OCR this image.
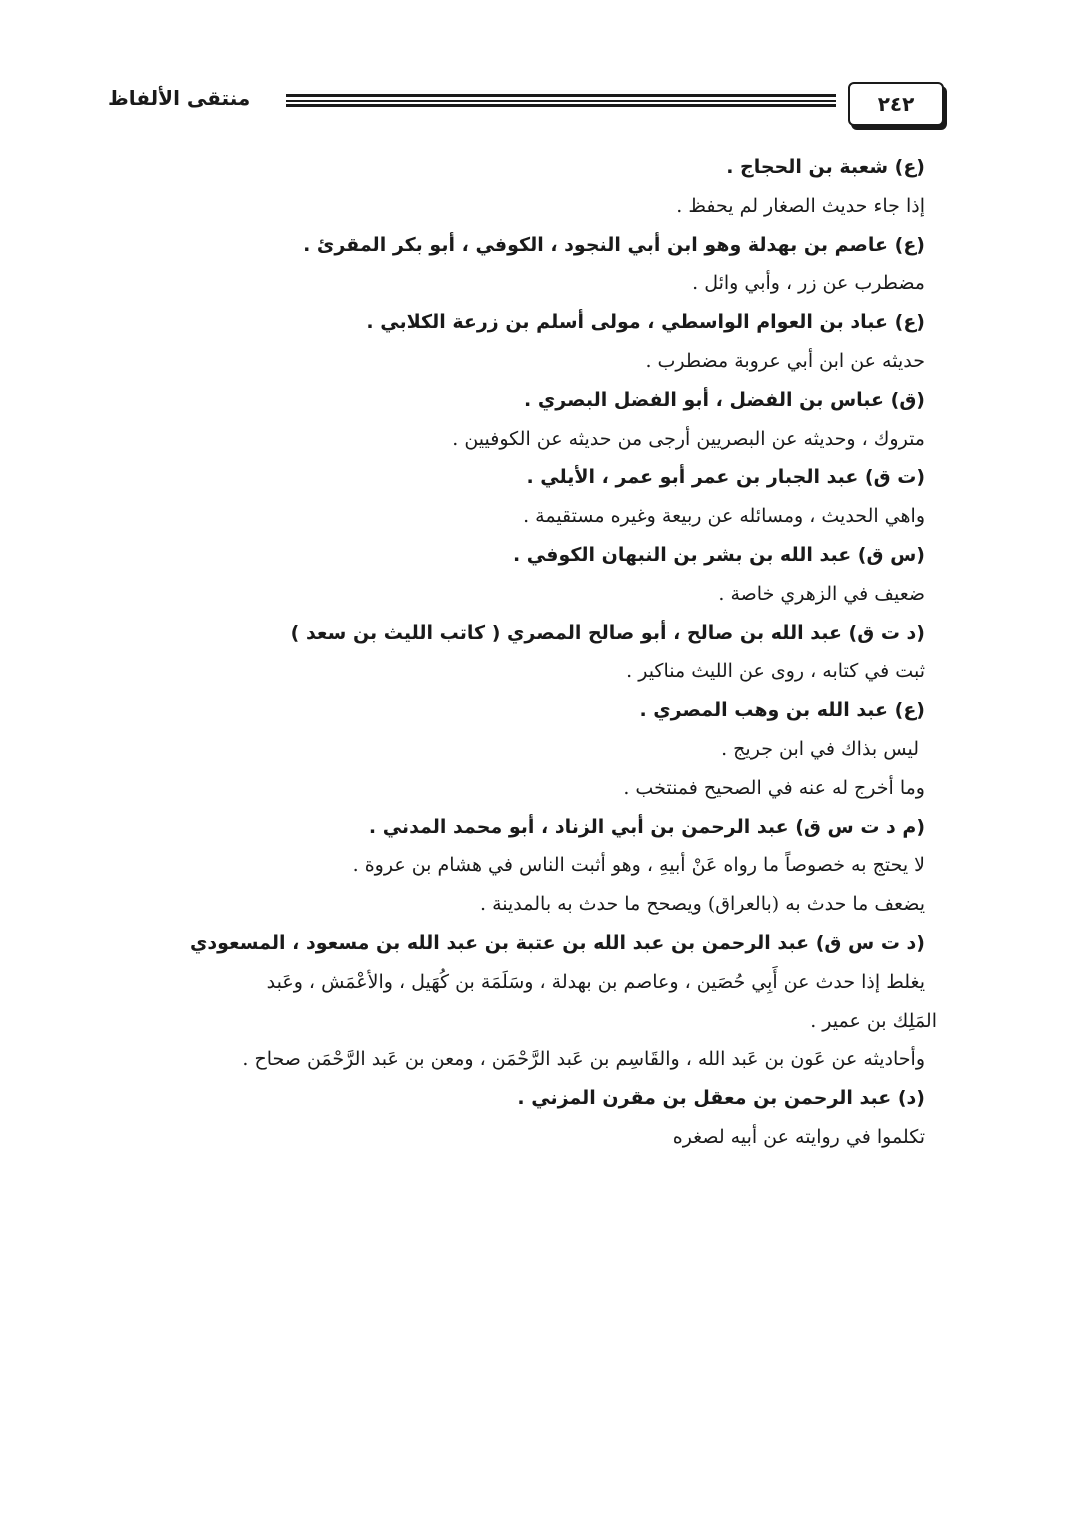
٢٤٢
منتقى الألفاظ
(ع) شعبة بن الحجاج .
إذا جاء حديث الصغار لم يحفظ .
(ع) عاصم بن بهدلة وهو ابن أبي النجود ، الكوفي ، أبو بكر المقرئ .
مضطرب عن زر ، وأبي وائل .
(ع) عباد بن العوام الواسطي ، مولى أسلم بن زرعة الكلابي .
حديثه عن ابن أبي عروبة مضطرب .
(ق) عباس بن الفضل ، أبو الفضل البصري .
متروك ، وحديثه عن البصريين أرجى من حديثه عن الكوفيين .
(ت ق) عبد الجبار بن عمر أبو عمر ، الأيلي .
واهي الحديث ، ومسائله عن ربيعة وغيره مستقيمة .
(س ق) عبد الله بن بشر بن النبهان الكوفي .
ضعيف في الزهري خاصة .
(د ت ق) عبد الله بن صالح ، أبو صالح المصري ( كاتب الليث بن سعد )
ثبت في كتابه ، روى عن الليث مناكير .
(ع) عبد الله بن وهب المصري .
ليس بذاك في ابن جريج .
وما أخرج له عنه في الصحيح فمنتخب .
(م د ت س ق) عبد الرحمن بن أبي الزناد ، أبو محمد المدني .
لا يحتج به خصوصاً ما رواه عَنْ أبيهِ ، وهو أثبت الناس في هشام بن عروة .
يضعف ما حدث به (بالعراق) ويصحح ما حدث به بالمدينة .
(د ت س ق) عبد الرحمن بن عبد الله بن عتبة بن عبد الله بن مسعود ، المسعودي
يغلط إذا حدث عن أَبِي حُصَين ، وعاصم بن بهدلة ، وسَلَمَة بن كُهَيل ، والأعْمَش ، وعَبد
المَلِك بن عمير .
وأحاديثه عن عَون بن عَبد الله ، والقَاسِم بن عَبد الرَّحْمَن ، ومعن بن عَبد الرَّحْمَن صحاح .
(د) عبد الرحمن بن معقل بن مقرن المزني .
تكلموا في روايته عن أبيه لصغره
